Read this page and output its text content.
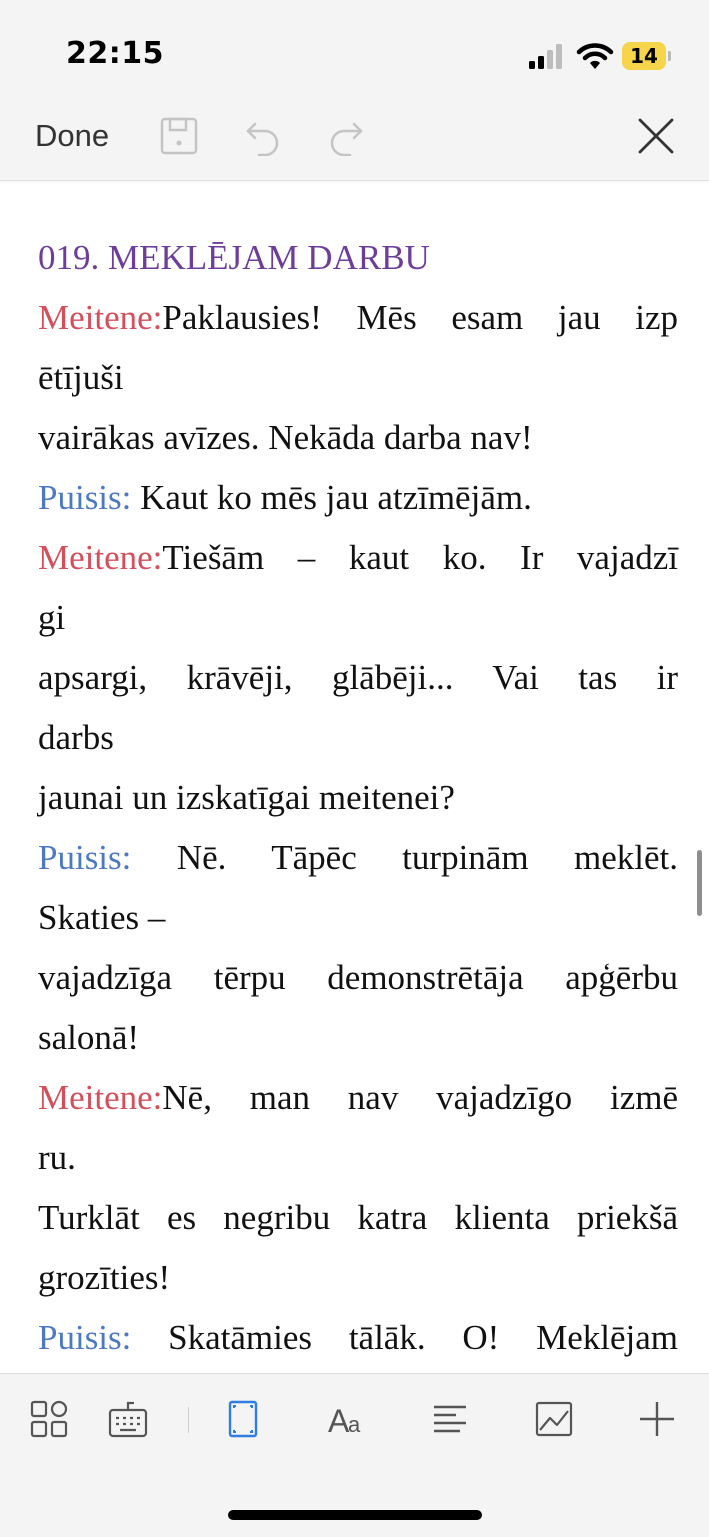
22:15	14
Done

019. MEKLĒJAM DARBU

Meitene:Paklausies! Mēs esam jau izp

ētījuši

vairākas avīzes. Nekāda darba nav!

Puisis: Kaut ko mēs jau atzīmējām.

Meitene:Tiešām – kaut ko. Ir vajadzī

gi

apsargi, krāvēji, glābēji... Vai tas ir

darbs

jaunai un izskatīgai meitenei?

Puisis: Nē. Tāpēc turpinām meklēt.

Skaties –

vajadzīga tērpu demonstrētāja apģērbu

salonā!

Meitene:Nē, man nav vajadzīgo izmē

ru.

Turklāt es negribu katra klienta priekšā

grozīties!

Puisis: Skatāmies tālāk. O! Meklējam

A
a
